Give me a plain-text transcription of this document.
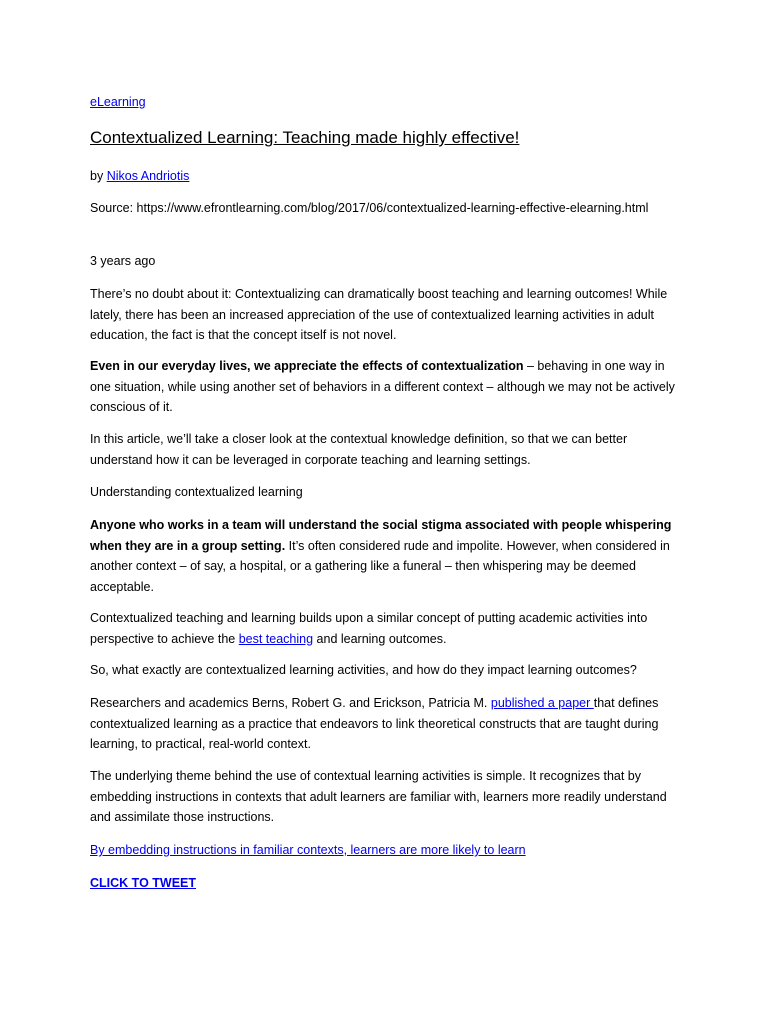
eLearning

Contextualized Learning: Teaching made highly effective!

by Nikos Andriotis

Source: https://www.efrontlearning.com/blog/2017/06/contextualized-learning-effective-elearning.html

3 years ago

There’s no doubt about it: Contextualizing can dramatically boost teaching and learning outcomes! While lately, there has been an increased appreciation of the use of contextualized learning activities in adult education, the fact is that the concept itself is not novel.

Even in our everyday lives, we appreciate the effects of contextualization – behaving in one way in one situation, while using another set of behaviors in a different context – although we may not be actively conscious of it.

In this article, we’ll take a closer look at the contextual knowledge definition, so that we can better understand how it can be leveraged in corporate teaching and learning settings.

Understanding contextualized learning

Anyone who works in a team will understand the social stigma associated with people whispering when they are in a group setting. It’s often considered rude and impolite. However, when considered in another context – of say, a hospital, or a gathering like a funeral – then whispering may be deemed acceptable.

Contextualized teaching and learning builds upon a similar concept of putting academic activities into perspective to achieve the best teaching and learning outcomes.

So, what exactly are contextualized learning activities, and how do they impact learning outcomes?

Researchers and academics Berns, Robert G. and Erickson, Patricia M. published a paper that defines contextualized learning as a practice that endeavors to link theoretical constructs that are taught during learning, to practical, real-world context.

The underlying theme behind the use of contextual learning activities is simple. It recognizes that by embedding instructions in contexts that adult learners are familiar with, learners more readily understand and assimilate those instructions.

By embedding instructions in familiar contexts, learners are more likely to learn

CLICK TO TWEET
